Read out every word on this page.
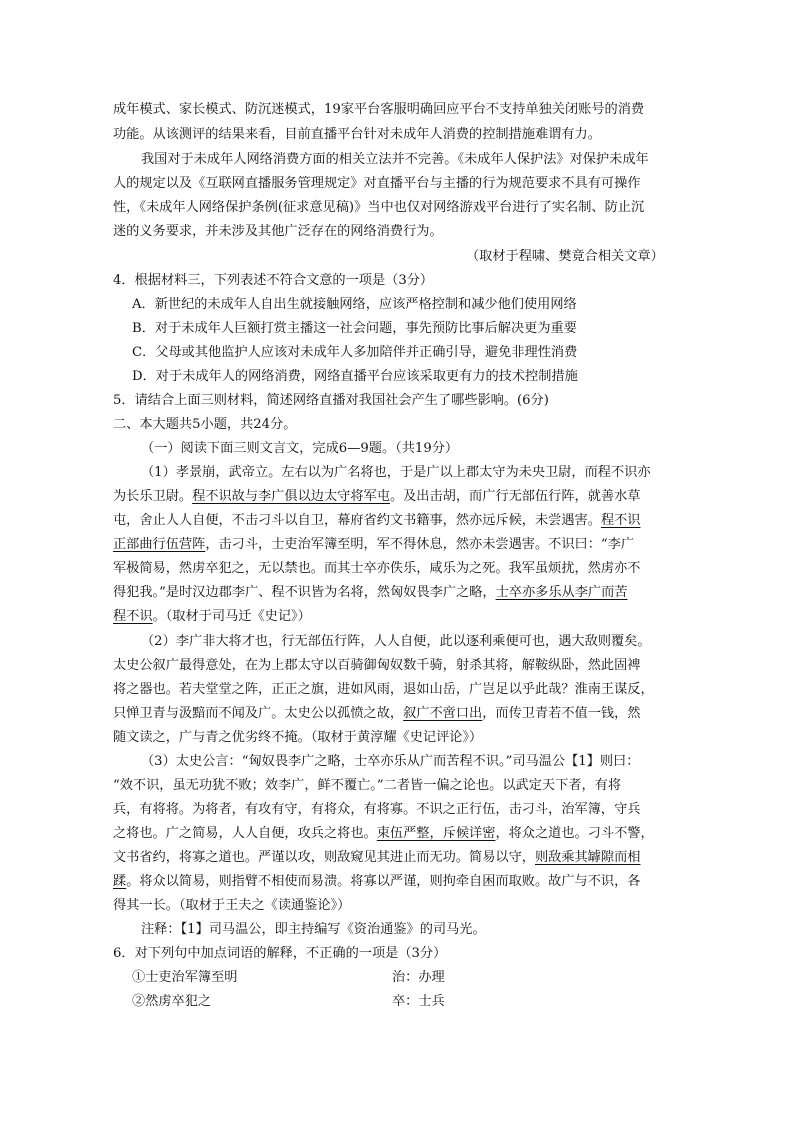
成年模式、家长模式、防沉迷模式，19家平台客服明确回应平台不支持单独关闭账号的消费
功能。从该测评的结果来看，目前直播平台针对未成年人消费的控制措施难谓有力。
我国对于未成年人网络消费方面的相关立法并不完善。《未成年人保护法》对保护未成年
人的规定以及《互联网直播服务管理规定》对直播平台与主播的行为规范要求不具有可操作
性，《未成年人网络保护条例(征求意见稿)》当中也仅对网络游戏平台进行了实名制、防止沉
迷的义务要求，并未涉及其他广泛存在的网络消费行为。
（取材于程啸、樊竟合相关文章）
4．根据材料三，下列表述不符合文意的一项是（3分）
A．新世纪的未成年人自出生就接触网络，应该严格控制和减少他们使用网络
B．对于未成年人巨额打赏主播这一社会问题，事先预防比事后解决更为重要
C．父母或其他监护人应该对未成年人多加陪伴并正确引导，避免非理性消费
D．对于未成年人的网络消费，网络直播平台应该采取更有力的技术控制措施
5．请结合上面三则材料，简述网络直播对我国社会产生了哪些影响。(6分)
二、本大题共5小题，共24分。
（一）阅读下面三则文言文，完成6—9题。（共19分）
（1）孝景崩，武帝立。左右以为广名将也，于是广以上郡太守为未央卫尉，而程不识亦
为长乐卫尉。程不识故与李广俱以边太守将军屯。及出击胡，而广行无部伍行阵，就善水草
屯，舍止人人自便，不击刁斗以自卫，幕府省约文书籍事，然亦远斥候，未尝遇害。程不识
正部曲行伍营阵，击刁斗，士吏治军簿至明，军不得休息，然亦未尝遇害。不识曰：“李广
军极简易，然虏卒犯之，无以禁也。而其士卒亦佚乐，咸乐为之死。我军虽烦扰，然虏亦不
得犯我。”是时汉边郡李广、程不识皆为名将，然匈奴畏李广之略，士卒亦多乐从李广而苦
程不识。（取材于司马迁《史记》）
（2）李广非大将才也，行无部伍行阵，人人自便，此以逐利乘便可也，遇大敌则覆矣。
太史公叙广最得意处，在为上郡太守以百骑御匈奴数千骑，射杀其将，解鞍纵卧，然此固裨
将之器也。若夫堂堂之阵，正正之旗，进如风雨，退如山岳，广岂足以乎此哉？淮南王谋反，
只惮卫青与汲黯而不闻及广。太史公以孤愤之故，叙广不啻口出，而传卫青若不值一钱，然
随文读之，广与青之优劣终不掩。（取材于黄淳耀《史记评论》）
（3）太史公言：“匈奴畏李广之略，士卒亦乐从广而苦程不识。”司马温公【1】则曰：
“效不识，虽无功犹不败；效李广，鲜不覆亡。”二者皆一偏之论也。以武定天下者，有将
兵，有将将。为将者，有攻有守，有将众，有将寡。不识之正行伍，击刁斗，治军簿，守兵
之将也。广之简易，人人自便，攻兵之将也。束伍严整，斥候详密，将众之道也。刁斗不警，
文书省约，将寡之道也。严谨以攻，则敌窥见其进止而无功。简易以守，则敌乘其罅隙而相
蹂。将众以简易，则指臂不相使而易溃。将寡以严谨，则拘牵自困而取败。故广与不识，各
得其一长。（取材于王夫之《读通鉴论》）
注释：【1】司马温公，即主持编写《资治通鉴》的司马光。
6．对下列句中加点词语的解释，不正确的一项是（3分）
①士吏治军簿至明	治：办理
②然虏卒犯之	卒：士兵
